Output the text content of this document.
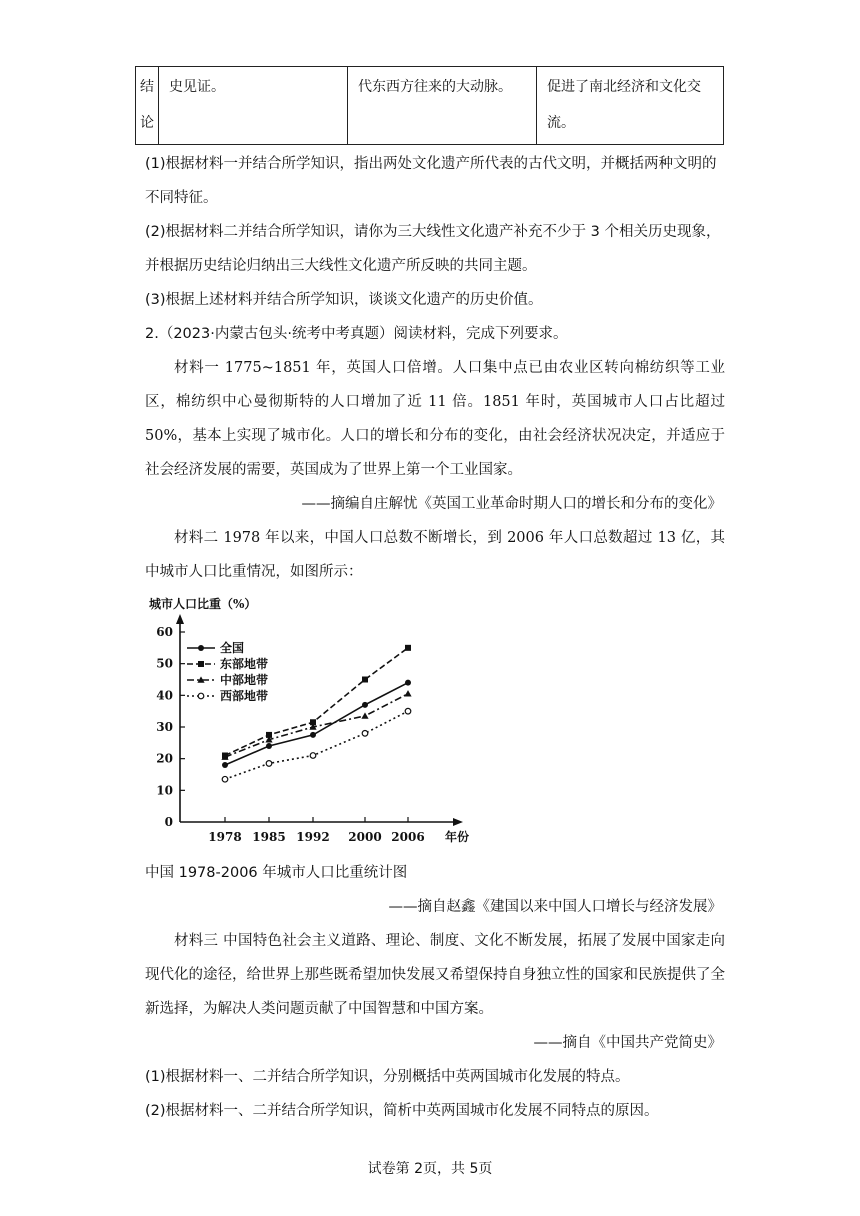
结
论
	史见证。	代东西方往来的大动脉。	促进了南北经济和文化交流。
(1)根据材料一并结合所学知识，指出两处文化遗产所代表的古代文明，并概括两种文明的不同特征。
(2)根据材料二并结合所学知识，请你为三大线性文化遗产补充不少于 3 个相关历史现象，并根据历史结论归纳出三大线性文化遗产所反映的共同主题。
(3)根据上述材料并结合所学知识，谈谈文化遗产的历史价值。
2.（2023·内蒙古包头·统考中考真题）阅读材料，完成下列要求。
材料一 1775~1851 年，英国人口倍增。人口集中点已由农业区转向棉纺织等工业区，棉纺织中心曼彻斯特的人口增加了近 11 倍。1851 年时，英国城市人口占比超过 50%，基本上实现了城市化。人口的增长和分布的变化，由社会经济状况决定，并适应于社会经济发展的需要，英国成为了世界上第一个工业国家。
——摘编自庄解忧《英国工业革命时期人口的增长和分布的变化》
材料二 1978 年以来，中国人口总数不断增长，到 2006 年人口总数超过 13 亿，其中城市人口比重情况，如图所示：
城市人口比重（%）
0
10
20
30
40
50
60
1978 1985 1992 2000 2006 年份
全国
东部地带
中部地带
西部地带
中国 1978-2006 年城市人口比重统计图
——摘自赵鑫《建国以来中国人口增长与经济发展》
材料三 中国特色社会主义道路、理论、制度、文化不断发展，拓展了发展中国家走向现代化的途径，给世界上那些既希望加快发展又希望保持自身独立性的国家和民族提供了全新选择，为解决人类问题贡献了中国智慧和中国方案。
——摘自《中国共产党简史》
(1)根据材料一、二并结合所学知识，分别概括中英两国城市化发展的特点。
(2)根据材料一、二并结合所学知识，简析中英两国城市化发展不同特点的原因。
试卷第 2页，共 5页
